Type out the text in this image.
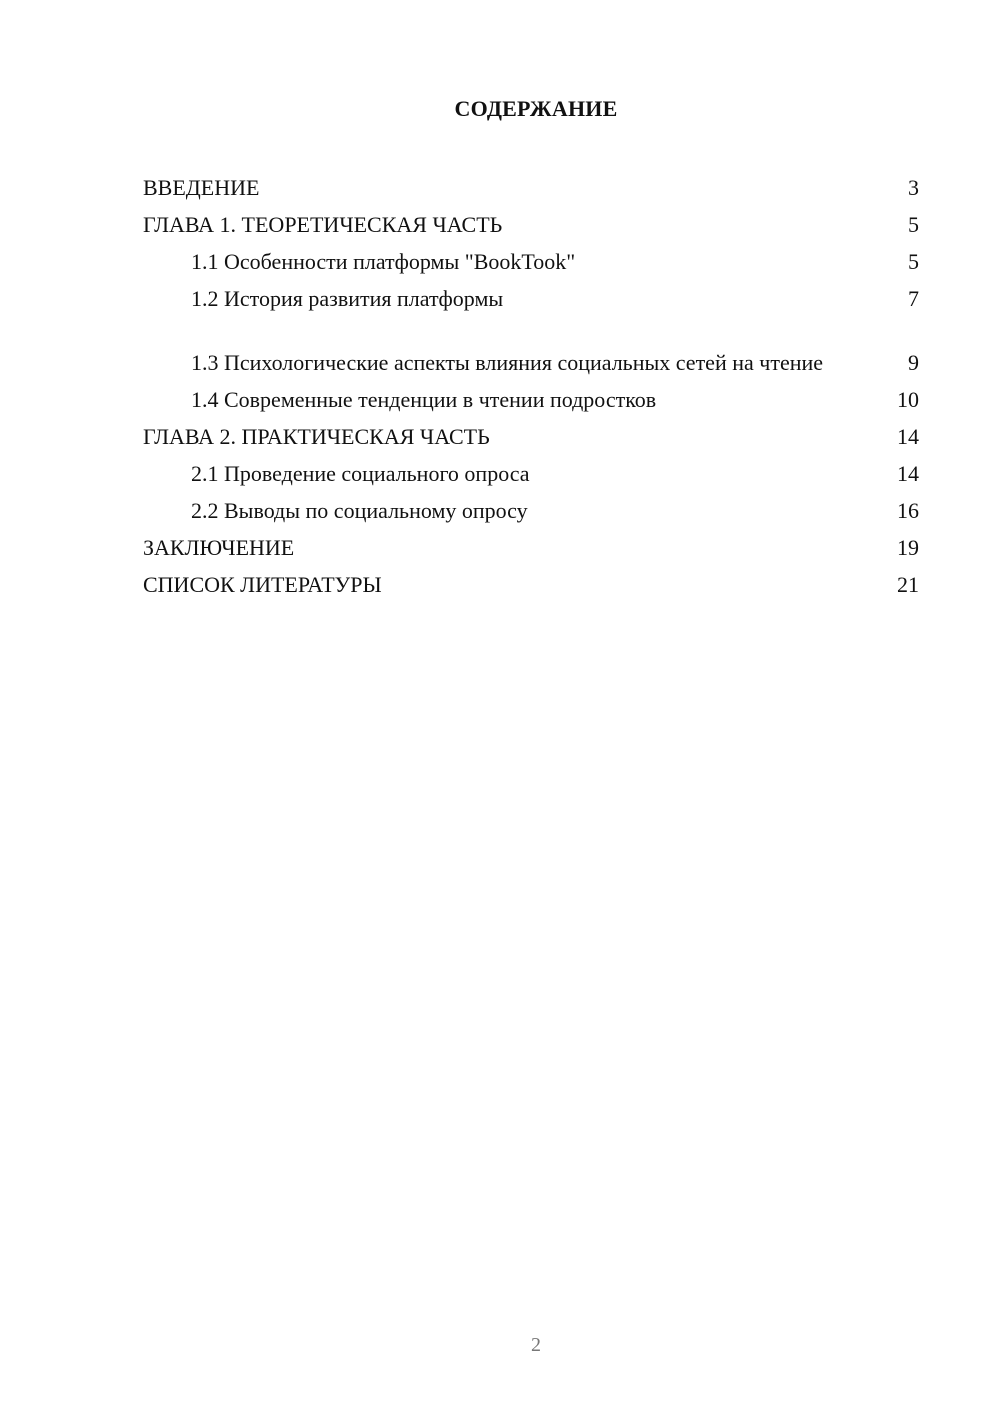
СОДЕРЖАНИЕ
ВВЕДЕНИЕ	3
ГЛАВА 1. ТЕОРЕТИЧЕСКАЯ ЧАСТЬ	5
1.1 Особенности платформы "BookTook"	5
1.2 История развития платформы	7
1.3 Психологические аспекты влияния социальных сетей на чтение	9
1.4 Современные тенденции в чтении подростков	10
ГЛАВА 2. ПРАКТИЧЕСКАЯ ЧАСТЬ	14
2.1 Проведение социального опроса	14
2.2 Выводы по социальному опросу	16
ЗАКЛЮЧЕНИЕ	19
СПИСОК ЛИТЕРАТУРЫ	21
2
